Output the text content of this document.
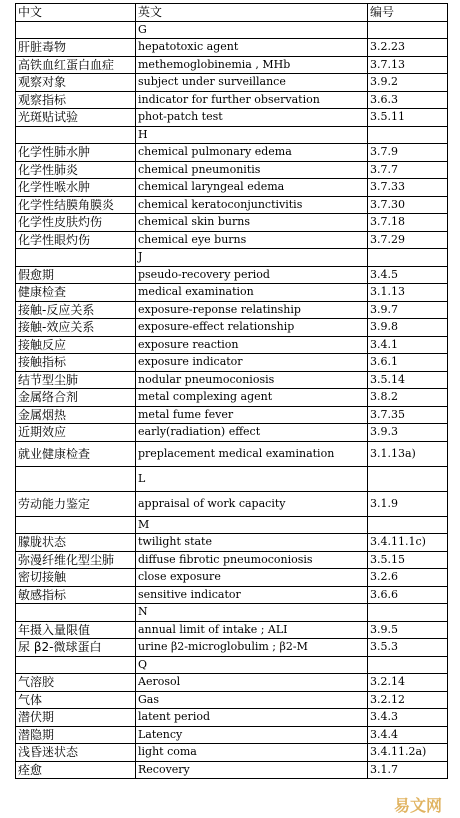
中文	英文	编号
	G	
肝脏毒物	hepatotoxic agent	3.2.23
高铁血红蛋白血症	methemoglobinemia , MHb	3.7.13
观察对象	subject under surveillance	3.9.2
观察指标	indicator for further observation	3.6.3
光斑贴试验	phot-patch test	3.5.11
	H	
化学性肺水肿	chemical pulmonary edema	3.7.9
化学性肺炎	chemical pneumonitis	3.7.7
化学性喉水肿	chemical laryngeal edema	3.7.33
化学性结膜角膜炎	chemical keratoconjunctivitis	3.7.30
化学性皮肤灼伤	chemical skin burns	3.7.18
化学性眼灼伤	chemical eye burns	3.7.29
	J	
假愈期	pseudo-recovery period	3.4.5
健康检查	medical examination	3.1.13
接触-反应关系	exposure-reponse relatinship	3.9.7
接触-效应关系	exposure-effect relationship	3.9.8
接触反应	exposure reaction	3.4.1
接触指标	exposure indicator	3.6.1
结节型尘肺	nodular pneumoconiosis	3.5.14
金属络合剂	metal complexing agent	3.8.2
金属烟热	metal fume fever	3.7.35
近期效应	early(radiation) effect	3.9.3
就业健康检查	preplacement medical examination	3.1.13a)
	L	
劳动能力鉴定	appraisal of work capacity	3.1.9
	M	
朦胧状态	twilight state	3.4.11.1c)
弥漫纤维化型尘肺	diffuse fibrotic pneumoconiosis	3.5.15
密切接触	close exposure	3.2.6
敏感指标	sensitive indicator	3.6.6
	N	
年摄入量限值	annual limit of intake ; ALI	3.9.5
尿 β2-微球蛋白	urine β2-microglobulim ; β2-M	3.5.3
	Q	
气溶胶	Aerosol	3.2.14
气体	Gas	3.2.12
潜伏期	latent period	3.4.3
潜隐期	Latency	3.4.4
浅昏迷状态	light coma	3.4.11.2a)
痊愈	Recovery	3.1.7
易文网
